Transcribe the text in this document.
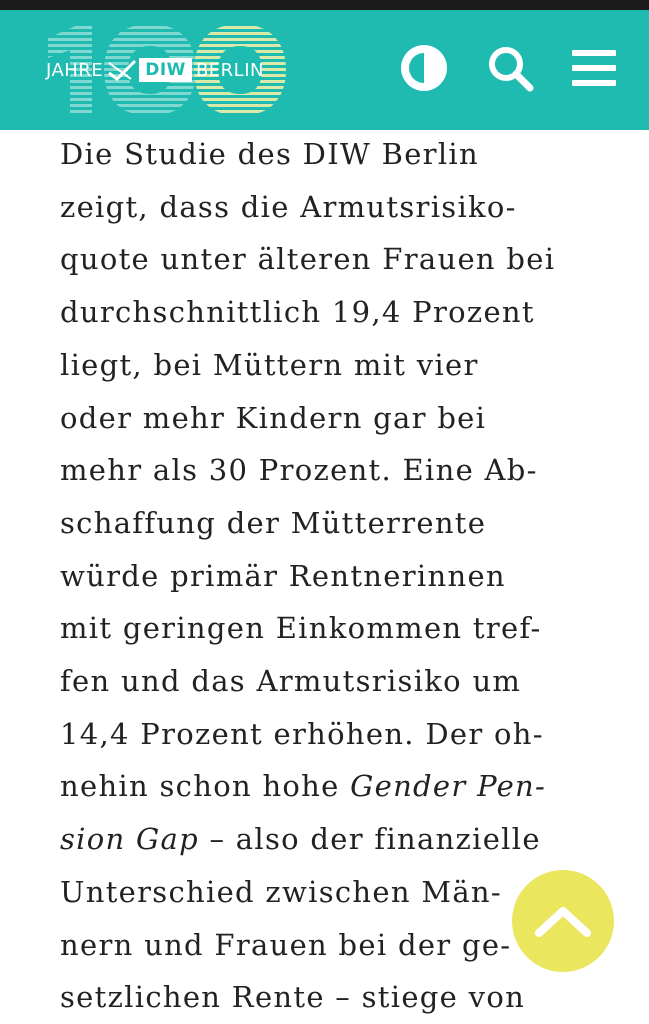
JAHRE	DIW BERLIN

Die Studie des DIW Berlin
zeigt, dass die Armutsrisiko-
quote unter älteren Frauen bei
durchschnittlich 19,4 Prozent
liegt, bei Müttern mit vier
oder mehr Kindern gar bei
mehr als 30 Prozent. Eine Ab-
schaffung der Mütterrente
würde primär Rentnerinnen
mit geringen Einkommen tref-
fen und das Armutsrisiko um
14,4 Prozent erhöhen. Der oh-
nehin schon hohe Gender Pen-
sion Gap – also der finanzielle
Unterschied zwischen Män-
nern und Frauen bei der ge-
setzlichen Rente – stiege von
